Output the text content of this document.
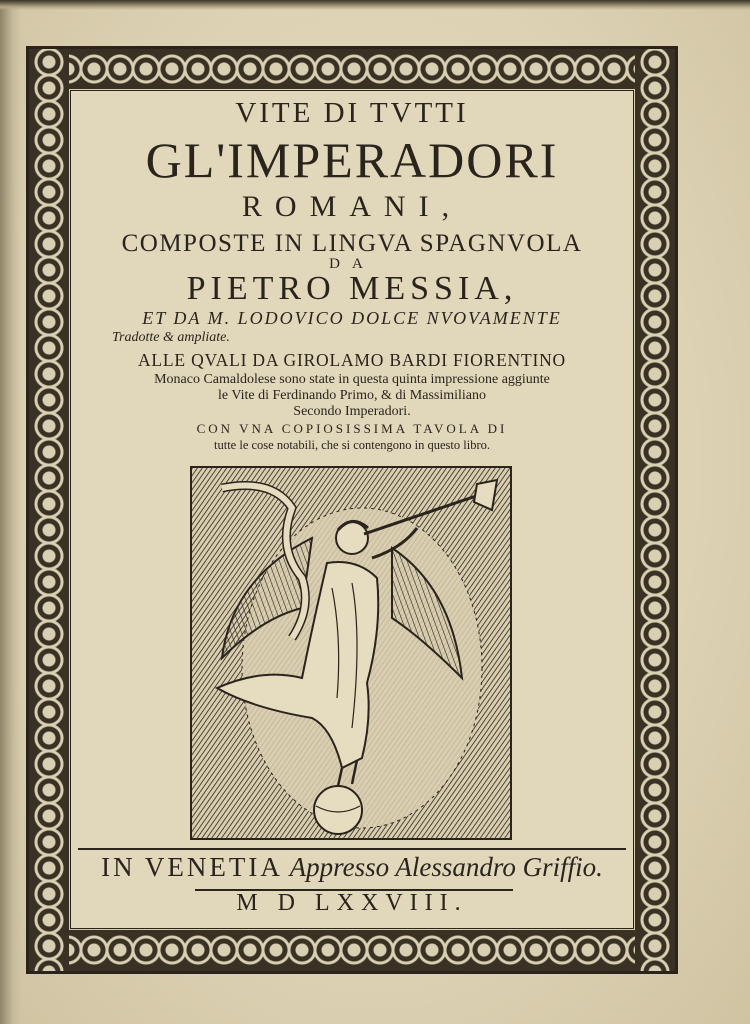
VITE DI TVTTI
GL'IMPERADORI
ROMANI,
COMPOSTE IN LINGVA SPAGNVOLA
DA
PIETRO MESSIA,
ET DA M. LODOVICO DOLCE NVOVAMENTE
Tradotte & ampliate.
ALLE QVALI DA GIROLAMO BARDI FIORENTINO
Monaco Camaldolese sono state in questa quinta impressione aggiunte
le Vite di Ferdinando Primo, & di Massimiliano
Secondo Imperadori.
CON VNA COPIOSISSIMA TAVOLA DI
tutte le cose notabili, che si contengono in questo libro.
IN VENETIA Appresso Alessandro Griffio.
M D LXXVIII.
